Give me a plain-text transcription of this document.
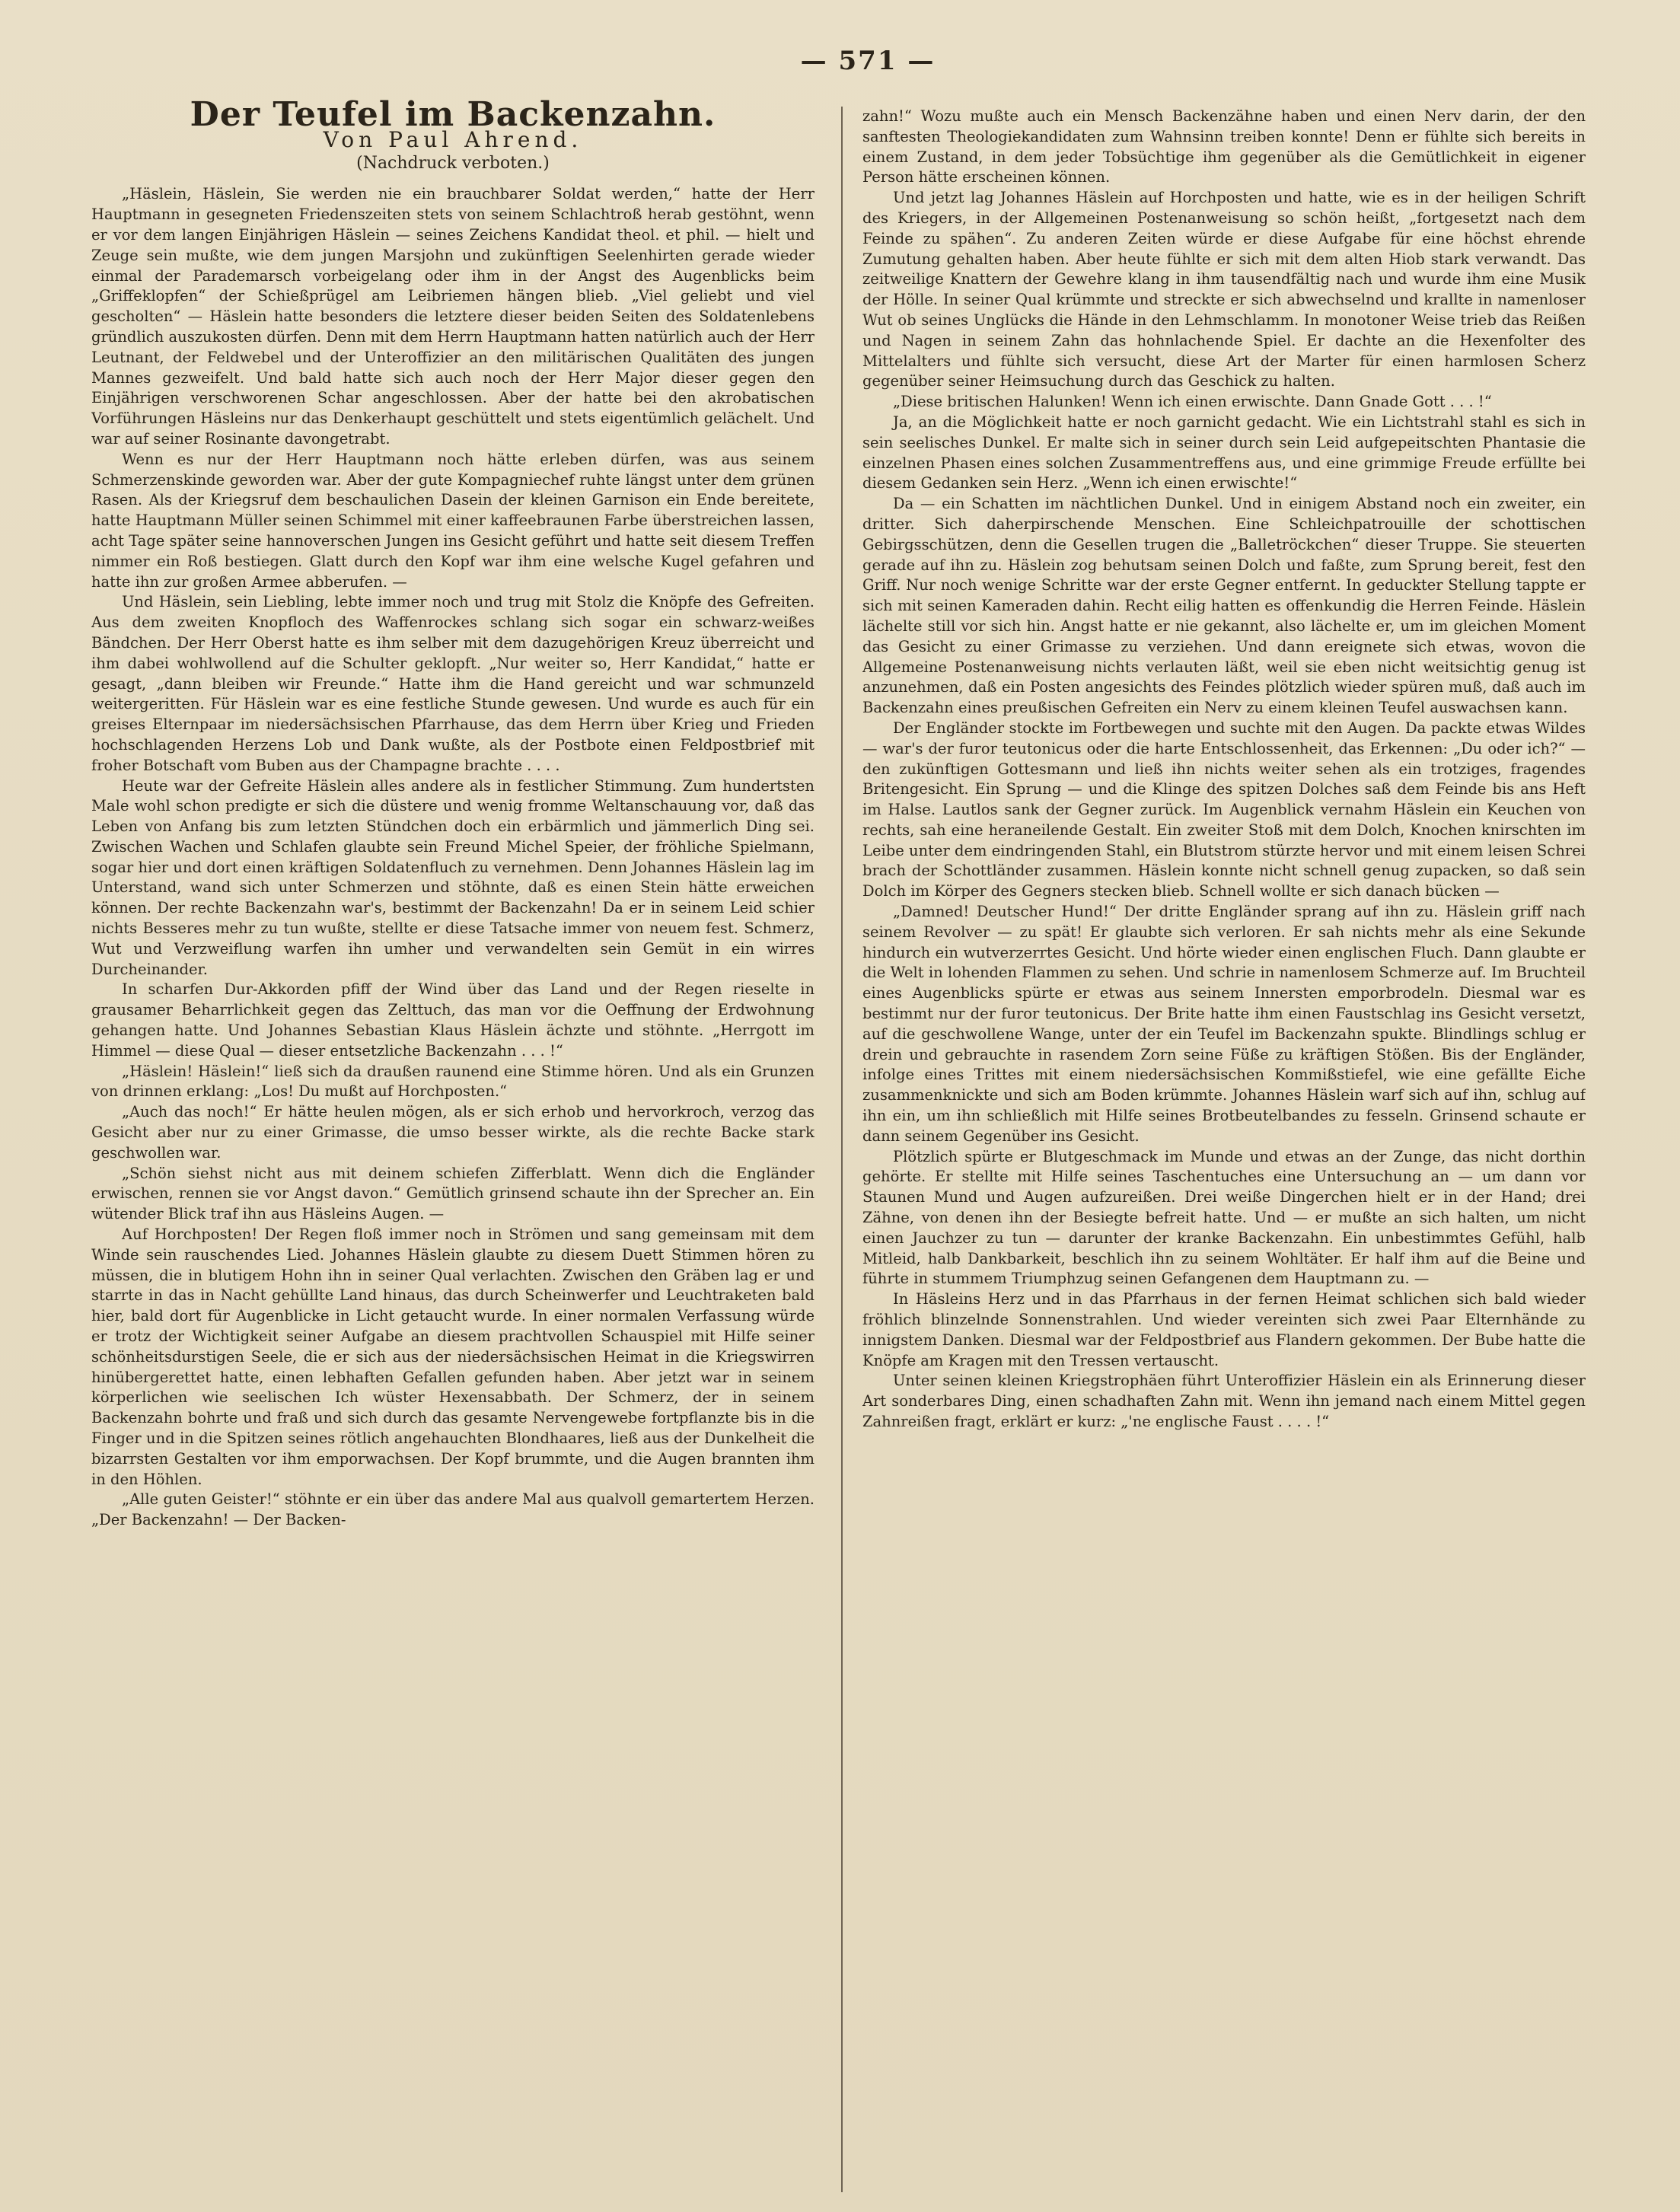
— 571 —
Der Teufel im Backenzahn.
Von Paul Ahrend.
(Nachdruck verboten.)

„Häslein, Häslein, Sie werden nie ein brauchbarer Soldat werden,“ hatte der Herr Hauptmann in gesegneten Friedenszeiten stets von seinem Schlachtroß herab gestöhnt, wenn er vor dem langen Einjährigen Häslein — seines Zeichens Kandidat theol. et phil. — hielt und Zeuge sein mußte, wie dem jungen Marsjohn und zukünftigen Seelenhirten gerade wieder einmal der Parademarsch vorbeigelang oder ihm in der Angst des Augenblicks beim „Griffeklopfen“ der Schießprügel am Leibriemen hängen blieb. „Viel geliebt und viel gescholten“ — Häslein hatte besonders die letztere dieser beiden Seiten des Soldatenlebens gründlich auszukosten dürfen. Denn mit dem Herrn Hauptmann hatten natürlich auch der Herr Leutnant, der Feldwebel und der Unteroffizier an den militärischen Qualitäten des jungen Mannes gezweifelt. Und bald hatte sich auch noch der Herr Major dieser gegen den Einjährigen verschworenen Schar angeschlossen. Aber der hatte bei den akrobatischen Vorführungen Häsleins nur das Denkerhaupt geschüttelt und stets eigentümlich gelächelt. Und war auf seiner Rosinante davongetrabt.

Wenn es nur der Herr Hauptmann noch hätte erleben dürfen, was aus seinem Schmerzenskinde geworden war. Aber der gute Kompagniechef ruhte längst unter dem grünen Rasen. Als der Kriegsruf dem beschaulichen Dasein der kleinen Garnison ein Ende bereitete, hatte Hauptmann Müller seinen Schimmel mit einer kaffeebraunen Farbe überstreichen lassen, acht Tage später seine hannoverschen Jungen ins Gesicht geführt und hatte seit diesem Treffen nimmer ein Roß bestiegen. Glatt durch den Kopf war ihm eine welsche Kugel gefahren und hatte ihn zur großen Armee abberufen. —

Und Häslein, sein Liebling, lebte immer noch und trug mit Stolz die Knöpfe des Gefreiten. Aus dem zweiten Knopfloch des Waffenrockes schlang sich sogar ein schwarz-weißes Bändchen. Der Herr Oberst hatte es ihm selber mit dem dazugehörigen Kreuz überreicht und ihm dabei wohlwollend auf die Schulter geklopft. „Nur weiter so, Herr Kandidat,“ hatte er gesagt, „dann bleiben wir Freunde.“ Hatte ihm die Hand gereicht und war schmunzeld weitergeritten. Für Häslein war es eine festliche Stunde gewesen. Und wurde es auch für ein greises Elternpaar im niedersächsischen Pfarrhause, das dem Herrn über Krieg und Frieden hochschlagenden Herzens Lob und Dank wußte, als der Postbote einen Feldpostbrief mit froher Botschaft vom Buben aus der Champagne brachte . . . .

Heute war der Gefreite Häslein alles andere als in festlicher Stimmung. Zum hundertsten Male wohl schon predigte er sich die düstere und wenig fromme Weltanschauung vor, daß das Leben von Anfang bis zum letzten Stündchen doch ein erbärmlich und jämmerlich Ding sei. Zwischen Wachen und Schlafen glaubte sein Freund Michel Speier, der fröhliche Spielmann, sogar hier und dort einen kräftigen Soldatenfluch zu vernehmen. Denn Johannes Häslein lag im Unterstand, wand sich unter Schmerzen und stöhnte, daß es einen Stein hätte erweichen können. Der rechte Backenzahn war's, bestimmt der Backenzahn! Da er in seinem Leid schier nichts Besseres mehr zu tun wußte, stellte er diese Tatsache immer von neuem fest. Schmerz, Wut und Verzweiflung warfen ihn umher und verwandelten sein Gemüt in ein wirres Durcheinander.

In scharfen Dur-Akkorden pfiff der Wind über das Land und der Regen rieselte in grausamer Beharrlichkeit gegen das Zelttuch, das man vor die Oeffnung der Erdwohnung gehangen hatte. Und Johannes Sebastian Klaus Häslein ächzte und stöhnte. „Herrgott im Himmel — diese Qual — dieser entsetzliche Backenzahn . . . !“

„Häslein! Häslein!“ ließ sich da draußen raunend eine Stimme hören. Und als ein Grunzen von drinnen erklang: „Los! Du mußt auf Horchposten.“

„Auch das noch!“ Er hätte heulen mögen, als er sich erhob und hervorkroch, verzog das Gesicht aber nur zu einer Grimasse, die umso besser wirkte, als die rechte Backe stark geschwollen war.

„Schön siehst nicht aus mit deinem schiefen Zifferblatt. Wenn dich die Engländer erwischen, rennen sie vor Angst davon.“ Gemütlich grinsend schaute ihn der Sprecher an. Ein wütender Blick traf ihn aus Häsleins Augen. —

Auf Horchposten! Der Regen floß immer noch in Strömen und sang gemeinsam mit dem Winde sein rauschendes Lied. Johannes Häslein glaubte zu diesem Duett Stimmen hören zu müssen, die in blutigem Hohn ihn in seiner Qual verlachten. Zwischen den Gräben lag er und starrte in das in Nacht gehüllte Land hinaus, das durch Scheinwerfer und Leuchtraketen bald hier, bald dort für Augenblicke in Licht getaucht wurde. In einer normalen Verfassung würde er trotz der Wichtigkeit seiner Aufgabe an diesem prachtvollen Schauspiel mit Hilfe seiner schönheitsdurstigen Seele, die er sich aus der niedersächsischen Heimat in die Kriegswirren hinübergerettet hatte, einen lebhaften Gefallen gefunden haben. Aber jetzt war in seinem körperlichen wie seelischen Ich wüster Hexensabbath. Der Schmerz, der in seinem Backenzahn bohrte und fraß und sich durch das gesamte Nervengewebe fortpflanzte bis in die Finger und in die Spitzen seines rötlich angehauchten Blondhaares, ließ aus der Dunkelheit die bizarrsten Gestalten vor ihm emporwachsen. Der Kopf brummte, und die Augen brannten ihm in den Höhlen.

„Alle guten Geister!“ stöhnte er ein über das andere Mal aus qualvoll gemartertem Herzen. „Der Backenzahn! — Der Backen-

zahn!“ Wozu mußte auch ein Mensch Backenzähne haben und einen Nerv darin, der den sanftesten Theologiekandidaten zum Wahnsinn treiben konnte! Denn er fühlte sich bereits in einem Zustand, in dem jeder Tobsüchtige ihm gegenüber als die Gemütlichkeit in eigener Person hätte erscheinen können.

Und jetzt lag Johannes Häslein auf Horchposten und hatte, wie es in der heiligen Schrift des Kriegers, in der Allgemeinen Postenanweisung so schön heißt, „fortgesetzt nach dem Feinde zu spähen“. Zu anderen Zeiten würde er diese Aufgabe für eine höchst ehrende Zumutung gehalten haben. Aber heute fühlte er sich mit dem alten Hiob stark verwandt. Das zeitweilige Knattern der Gewehre klang in ihm tausendfältig nach und wurde ihm eine Musik der Hölle. In seiner Qual krümmte und streckte er sich abwechselnd und krallte in namenloser Wut ob seines Unglücks die Hände in den Lehmschlamm. In monotoner Weise trieb das Reißen und Nagen in seinem Zahn das hohnlachende Spiel. Er dachte an die Hexenfolter des Mittelalters und fühlte sich versucht, diese Art der Marter für einen harmlosen Scherz gegenüber seiner Heimsuchung durch das Geschick zu halten.

„Diese britischen Halunken! Wenn ich einen erwischte. Dann Gnade Gott . . . !“

Ja, an die Möglichkeit hatte er noch garnicht gedacht. Wie ein Lichtstrahl stahl es sich in sein seelisches Dunkel. Er malte sich in seiner durch sein Leid aufgepeitschten Phantasie die einzelnen Phasen eines solchen Zusammentreffens aus, und eine grimmige Freude erfüllte bei diesem Gedanken sein Herz. „Wenn ich einen erwischte!“

Da — ein Schatten im nächtlichen Dunkel. Und in einigem Abstand noch ein zweiter, ein dritter. Sich daherpirschende Menschen. Eine Schleichpatrouille der schottischen Gebirgsschützen, denn die Gesellen trugen die „Balletröckchen“ dieser Truppe. Sie steuerten gerade auf ihn zu. Häslein zog behutsam seinen Dolch und faßte, zum Sprung bereit, fest den Griff. Nur noch wenige Schritte war der erste Gegner entfernt. In geduckter Stellung tappte er sich mit seinen Kameraden dahin. Recht eilig hatten es offenkundig die Herren Feinde. Häslein lächelte still vor sich hin. Angst hatte er nie gekannt, also lächelte er, um im gleichen Moment das Gesicht zu einer Grimasse zu verziehen. Und dann ereignete sich etwas, wovon die Allgemeine Postenanweisung nichts verlauten läßt, weil sie eben nicht weitsichtig genug ist anzunehmen, daß ein Posten angesichts des Feindes plötzlich wieder spüren muß, daß auch im Backenzahn eines preußischen Gefreiten ein Nerv zu einem kleinen Teufel auswachsen kann.

Der Engländer stockte im Fortbewegen und suchte mit den Augen. Da packte etwas Wildes — war's der furor teutonicus oder die harte Entschlossenheit, das Erkennen: „Du oder ich?“ — den zukünftigen Gottesmann und ließ ihn nichts weiter sehen als ein trotziges, fragendes Britengesicht. Ein Sprung — und die Klinge des spitzen Dolches saß dem Feinde bis ans Heft im Halse. Lautlos sank der Gegner zurück. Im Augenblick vernahm Häslein ein Keuchen von rechts, sah eine heraneilende Gestalt. Ein zweiter Stoß mit dem Dolch, Knochen knirschten im Leibe unter dem eindringenden Stahl, ein Blutstrom stürzte hervor und mit einem leisen Schrei brach der Schottländer zusammen. Häslein konnte nicht schnell genug zupacken, so daß sein Dolch im Körper des Gegners stecken blieb. Schnell wollte er sich danach bücken —

„Damned! Deutscher Hund!“ Der dritte Engländer sprang auf ihn zu. Häslein griff nach seinem Revolver — zu spät! Er glaubte sich verloren. Er sah nichts mehr als eine Sekunde hindurch ein wutverzerrtes Gesicht. Und hörte wieder einen englischen Fluch. Dann glaubte er die Welt in lohenden Flammen zu sehen. Und schrie in namenlosem Schmerze auf. Im Bruchteil eines Augenblicks spürte er etwas aus seinem Innersten emporbrodeln. Diesmal war es bestimmt nur der furor teutonicus. Der Brite hatte ihm einen Faustschlag ins Gesicht versetzt, auf die geschwollene Wange, unter der ein Teufel im Backenzahn spukte. Blindlings schlug er drein und gebrauchte in rasendem Zorn seine Füße zu kräftigen Stößen. Bis der Engländer, infolge eines Trittes mit einem niedersächsischen Kommißstiefel, wie eine gefällte Eiche zusammenknickte und sich am Boden krümmte. Johannes Häslein warf sich auf ihn, schlug auf ihn ein, um ihn schließlich mit Hilfe seines Brotbeutelbandes zu fesseln. Grinsend schaute er dann seinem Gegenüber ins Gesicht.

Plötzlich spürte er Blutgeschmack im Munde und etwas an der Zunge, das nicht dorthin gehörte. Er stellte mit Hilfe seines Taschentuches eine Untersuchung an — um dann vor Staunen Mund und Augen aufzureißen. Drei weiße Dingerchen hielt er in der Hand; drei Zähne, von denen ihn der Besiegte befreit hatte. Und — er mußte an sich halten, um nicht einen Jauchzer zu tun — darunter der kranke Backenzahn. Ein unbestimmtes Gefühl, halb Mitleid, halb Dankbarkeit, beschlich ihn zu seinem Wohltäter. Er half ihm auf die Beine und führte in stummem Triumphzug seinen Gefangenen dem Hauptmann zu. —

In Häsleins Herz und in das Pfarrhaus in der fernen Heimat schlichen sich bald wieder fröhlich blinzelnde Sonnenstrahlen. Und wieder vereinten sich zwei Paar Elternhände zu innigstem Danken. Diesmal war der Feldpostbrief aus Flandern gekommen. Der Bube hatte die Knöpfe am Kragen mit den Tressen vertauscht.

Unter seinen kleinen Kriegstrophäen führt Unteroffizier Häslein ein als Erinnerung dieser Art sonderbares Ding, einen schadhaften Zahn mit. Wenn ihn jemand nach einem Mittel gegen Zahnreißen fragt, erklärt er kurz: „'ne englische Faust . . . . !“
